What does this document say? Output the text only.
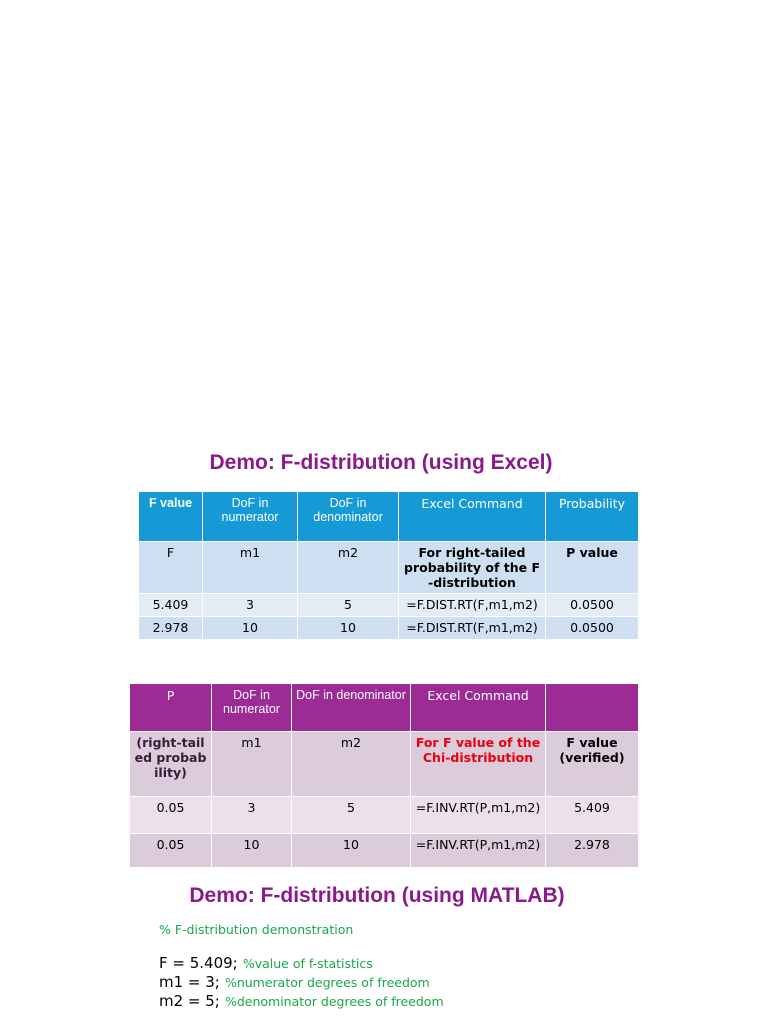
Demo: F-distribution (using Excel)
F value	DoF in numerator	DoF in denominator	Excel Command	Probability
F	m1	m2	For right-tailed probability of the F -distribution	P value
5.409	3	5	=F.DIST.RT(F,m1,m2)	0.0500
2.978	10	10	=F.DIST.RT(F,m1,m2)	0.0500
P	DoF in numerator	DoF in denominator	Excel Command	
(right-tailed probability)	m1	m2	For F value of the Chi-distribution	F value (verified)
0.05	3	5	=F.INV.RT(P,m1,m2)	5.409
0.05	10	10	=F.INV.RT(P,m1,m2)	2.978
Demo: F-distribution (using MATLAB)
% F-distribution demonstration
F = 5.409; %value of f-statistics
m1 = 3; %numerator degrees of freedom
m2 = 5; %denominator degrees of freedom
